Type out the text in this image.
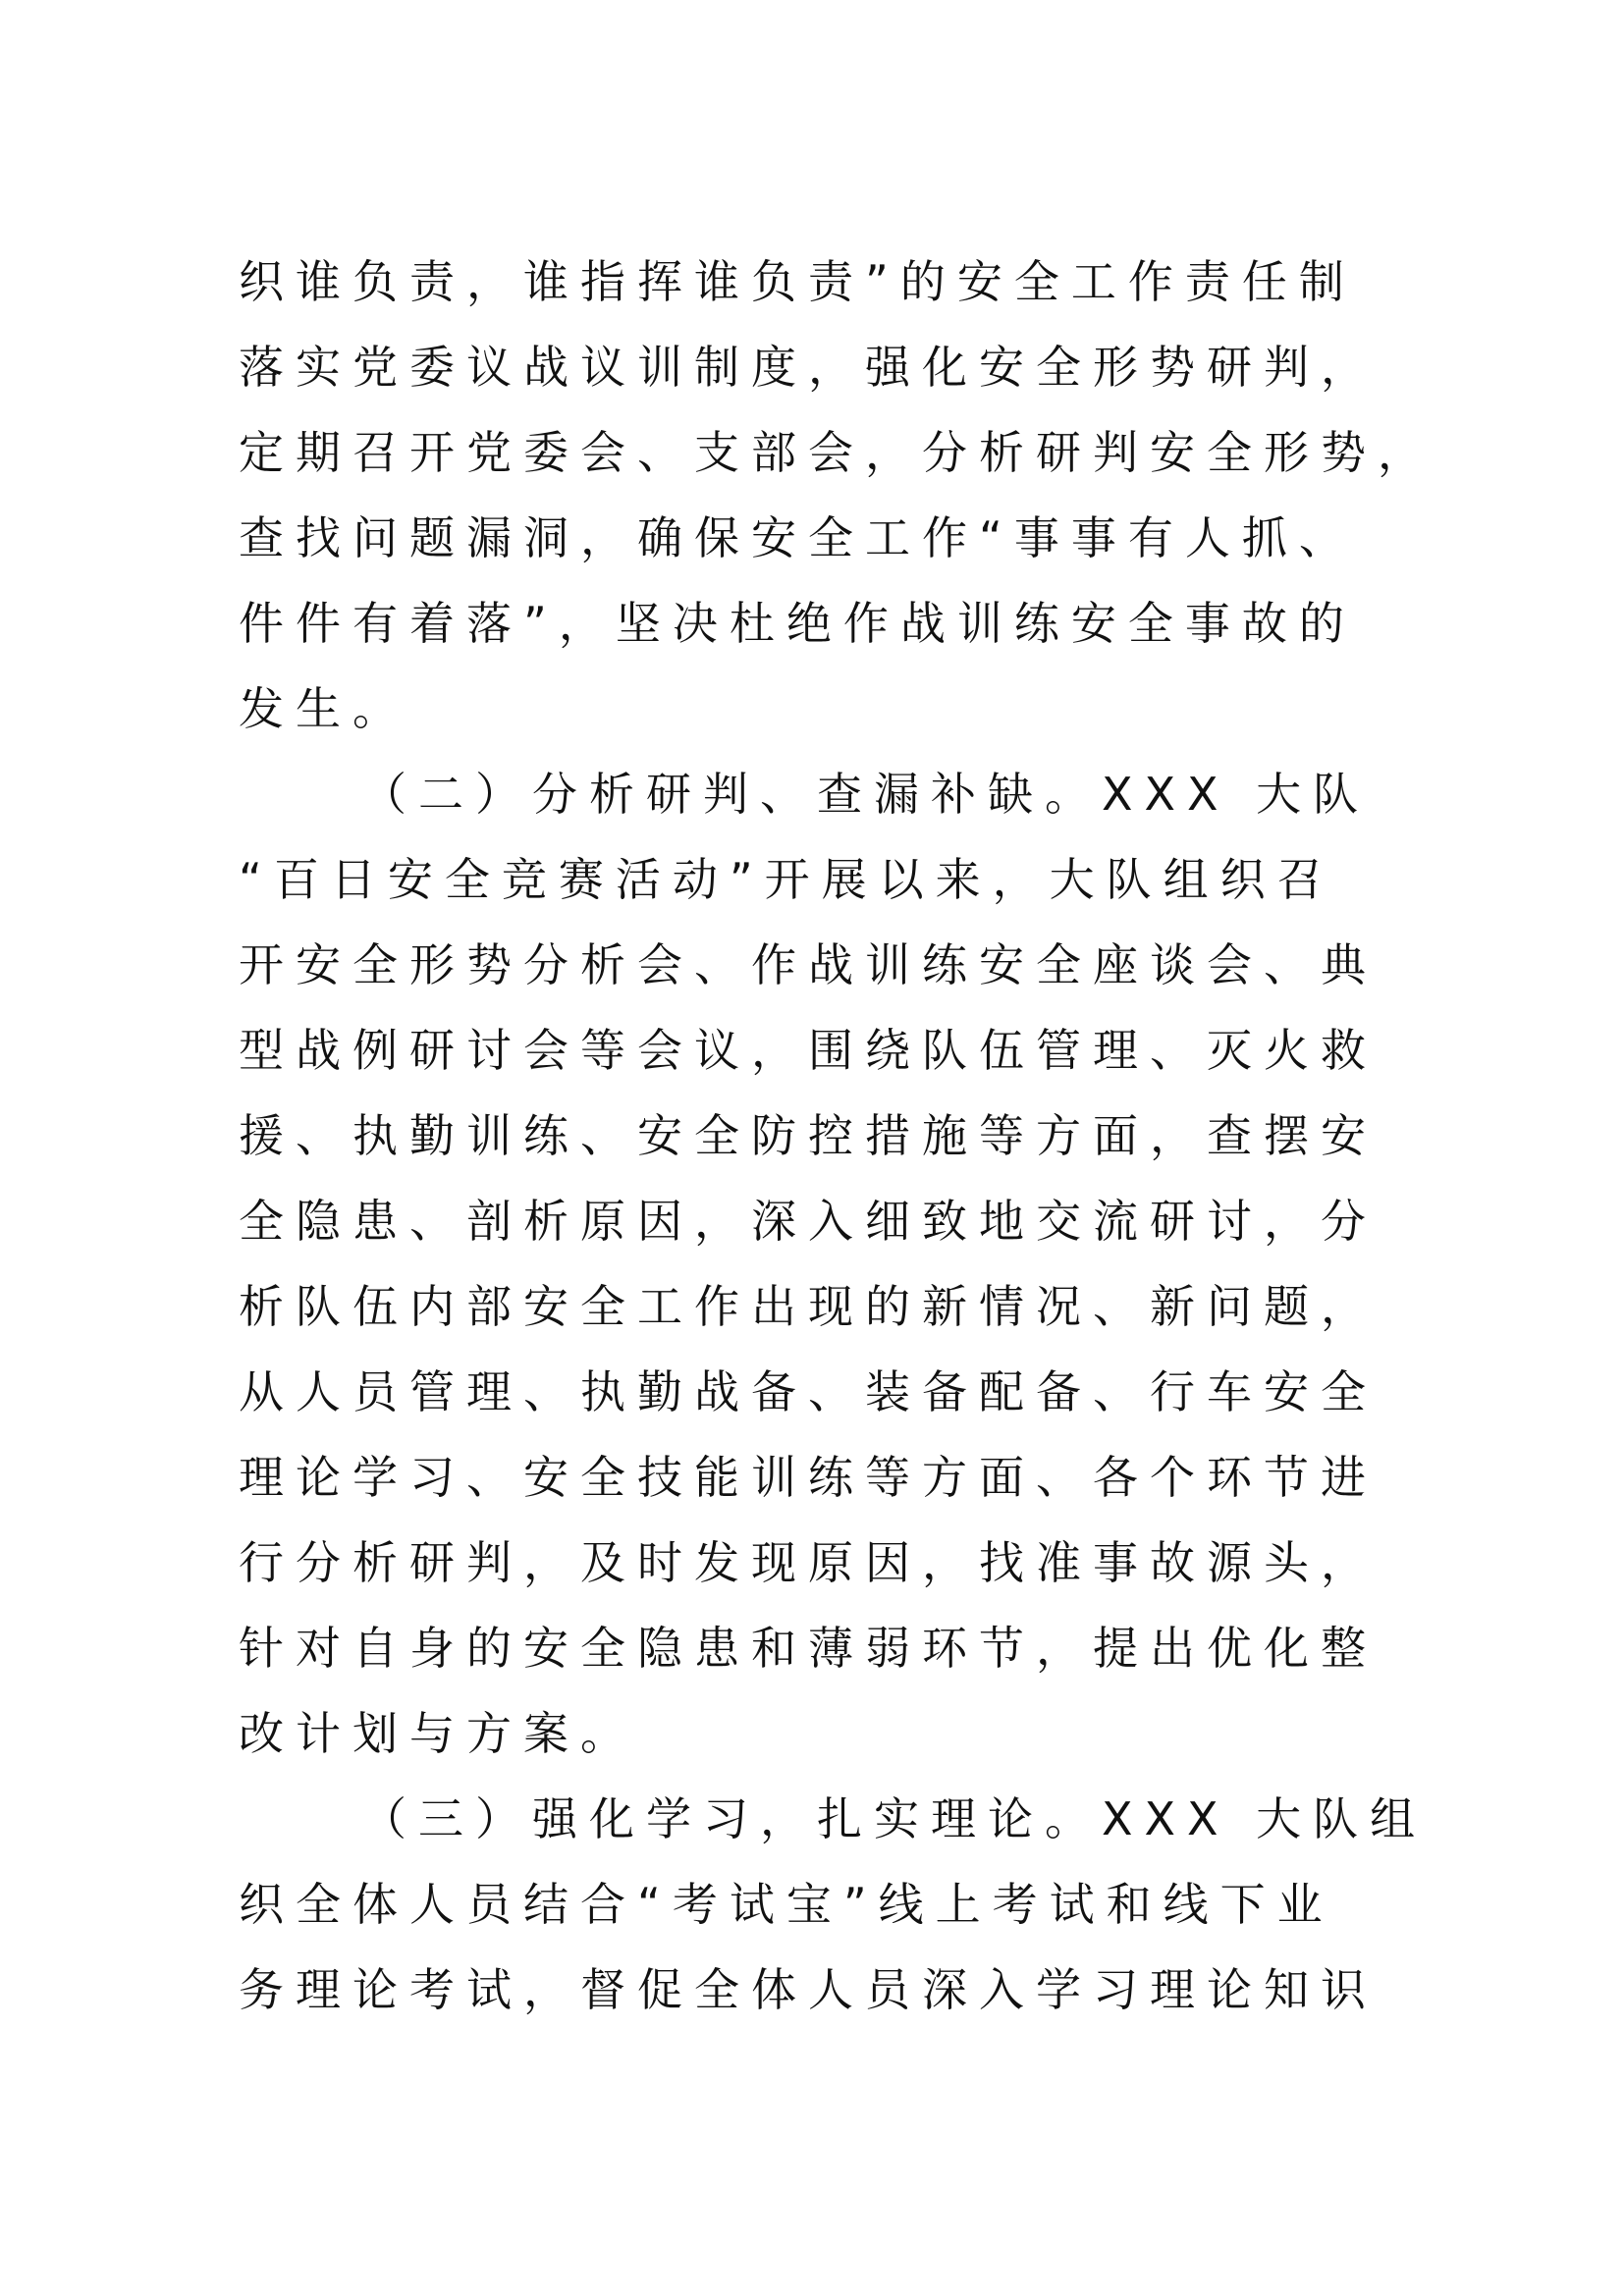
织谁负责，谁指挥谁负责”的安全工作责任制
落实党委议战议训制度，强化安全形势研判，
定期召开党委会、支部会，分析研判安全形势，
查找问题漏洞，确保安全工作“事事有人抓、
件件有着落”，坚决杜绝作战训练安全事故的
发生。
（二）分析研判、查漏补缺。XXX 大队
“百日安全竞赛活动”开展以来，大队组织召
开安全形势分析会、作战训练安全座谈会、典
型战例研讨会等会议，围绕队伍管理、灭火救
援、执勤训练、安全防控措施等方面，查摆安
全隐患、剖析原因，深入细致地交流研讨，分
析队伍内部安全工作出现的新情况、新问题，
从人员管理、执勤战备、装备配备、行车安全
理论学习、安全技能训练等方面、各个环节进
行分析研判，及时发现原因，找准事故源头，
针对自身的安全隐患和薄弱环节，提出优化整
改计划与方案。
（三）强化学习，扎实理论。XXX 大队组
织全体人员结合“考试宝”线上考试和线下业
务理论考试，督促全体人员深入学习理论知识
